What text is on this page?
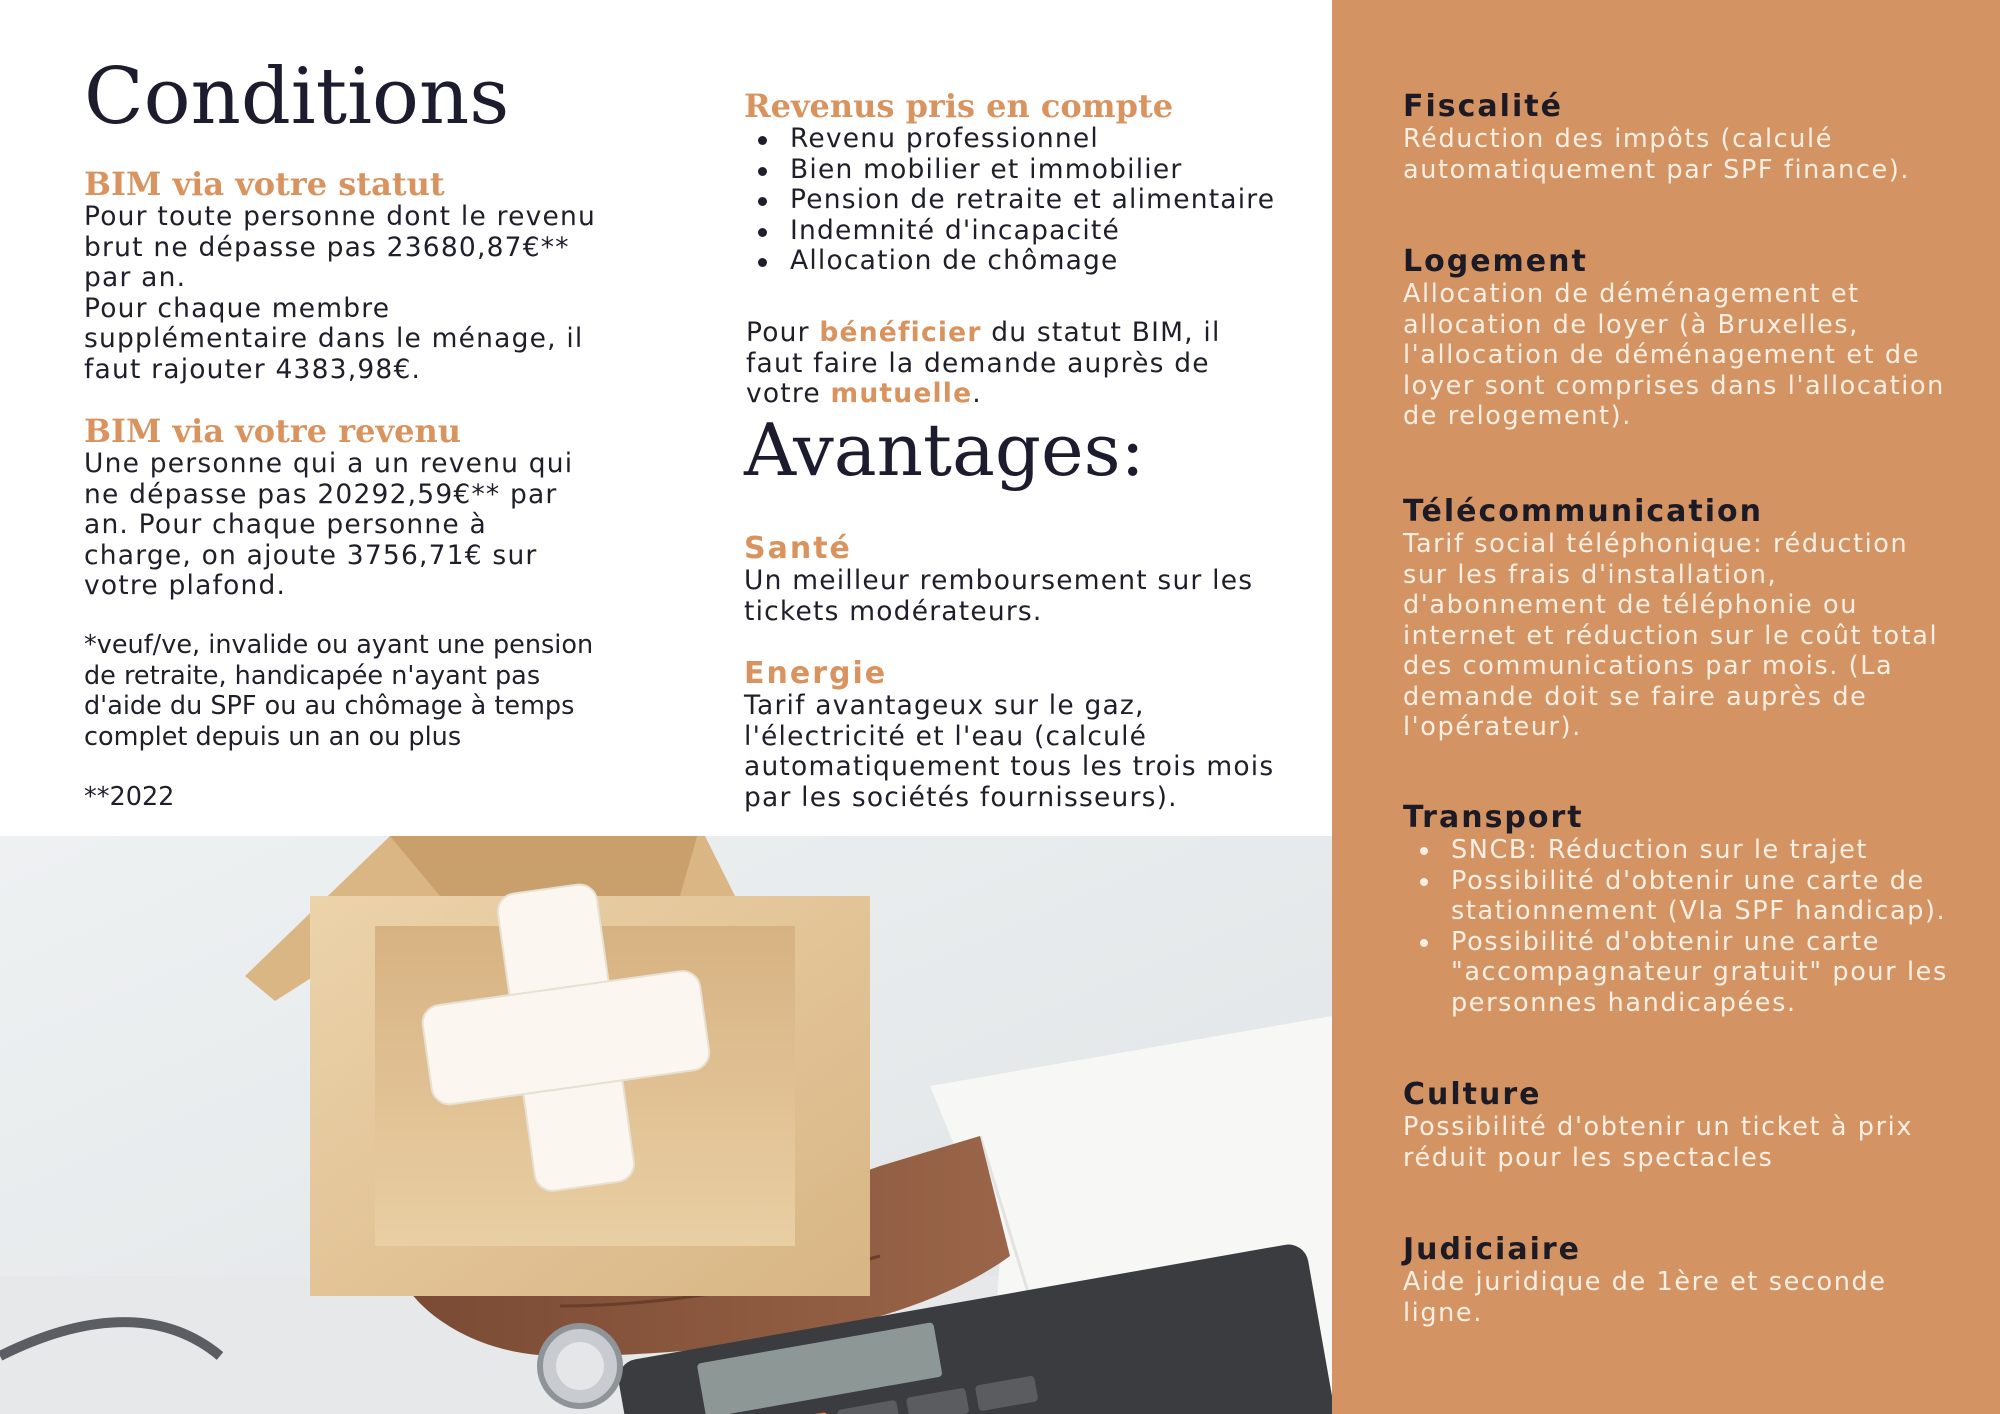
Conditions
BIM via votre statut
Pour toute personne dont le revenu
brut ne dépasse pas 23680,87€**
par an.
Pour chaque membre
supplémentaire dans le ménage, il
faut rajouter 4383,98€.
BIM via votre revenu
Une personne qui a un revenu qui
ne dépasse pas 20292,59€** par
an. Pour chaque personne à
charge, on ajoute 3756,71€ sur
votre plafond.
*veuf/ve, invalide ou ayant une pension
de retraite, handicapée n'ayant pas
d'aide du SPF ou au chômage à temps
complet depuis un an ou plus
**2022
Revenus pris en compte
Revenu professionnel
Bien mobilier et immobilier
Pension de retraite et alimentaire
Indemnité d'incapacité
Allocation de chômage
Pour bénéficier du statut BIM, il
faut faire la demande auprès de
votre mutuelle.
Avantages:
Santé
Un meilleur remboursement sur les
tickets modérateurs.
Energie
Tarif avantageux sur le gaz,
l'électricité et l'eau (calculé
automatiquement tous les trois mois
par les sociétés fournisseurs).
Fiscalité
Réduction des impôts (calculé
automatiquement par SPF finance).
Logement
Allocation de déménagement et
allocation de loyer (à Bruxelles,
l'allocation de déménagement et de
loyer sont comprises dans l'allocation
de relogement).
Télécommunication
Tarif social téléphonique: réduction
sur les frais d'installation,
d'abonnement de téléphonie ou
internet et réduction sur le coût total
des communications par mois. (La
demande doit se faire auprès de
l'opérateur).
Transport
SNCB: Réduction sur le trajet
Possibilité d'obtenir une carte de
stationnement (VIa SPF handicap).
Possibilité d'obtenir une carte
"accompagnateur gratuit" pour les
personnes handicapées.
Culture
Possibilité d'obtenir un ticket à prix
réduit pour les spectacles
Judiciaire
Aide juridique de 1ère et seconde
ligne.
